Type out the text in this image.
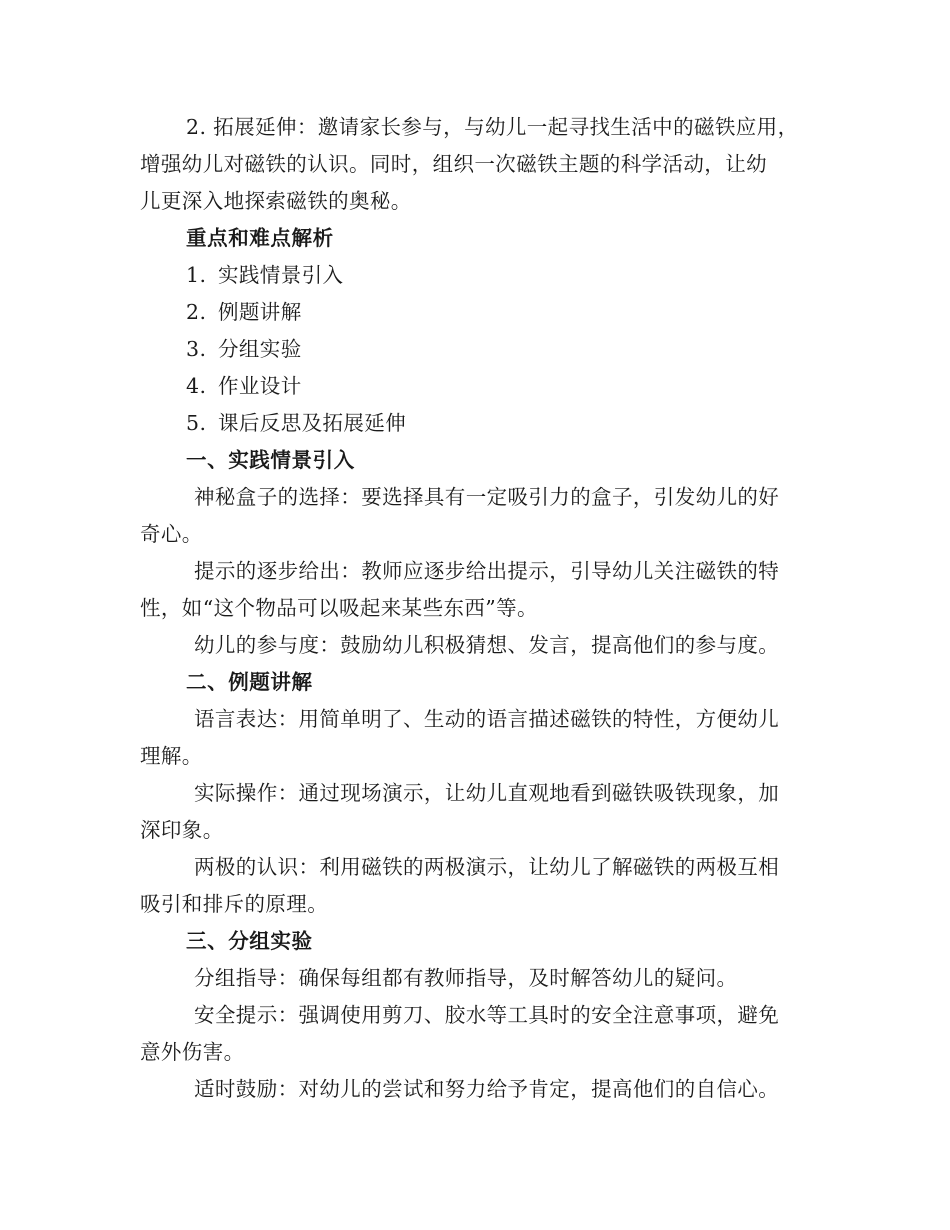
2. 拓展延伸：邀请家长参与，与幼儿一起寻找生活中的磁铁应用，
增强幼儿对磁铁的认识。同时，组织一次磁铁主题的科学活动，让幼
儿更深入地探索磁铁的奥秘。
重点和难点解析
1. 实践情景引入
2. 例题讲解
3. 分组实验
4. 作业设计
5. 课后反思及拓展延伸
一、实践情景引入
神秘盒子的选择：要选择具有一定吸引力的盒子，引发幼儿的好
奇心。
提示的逐步给出：教师应逐步给出提示，引导幼儿关注磁铁的特
性，如“这个物品可以吸起来某些东西”等。
幼儿的参与度：鼓励幼儿积极猜想、发言，提高他们的参与度。
二、例题讲解
语言表达：用简单明了、生动的语言描述磁铁的特性，方便幼儿
理解。
实际操作：通过现场演示，让幼儿直观地看到磁铁吸铁现象，加
深印象。
两极的认识：利用磁铁的两极演示，让幼儿了解磁铁的两极互相
吸引和排斥的原理。
三、分组实验
分组指导：确保每组都有教师指导，及时解答幼儿的疑问。
安全提示：强调使用剪刀、胶水等工具时的安全注意事项，避免
意外伤害。
适时鼓励：对幼儿的尝试和努力给予肯定，提高他们的自信心。
